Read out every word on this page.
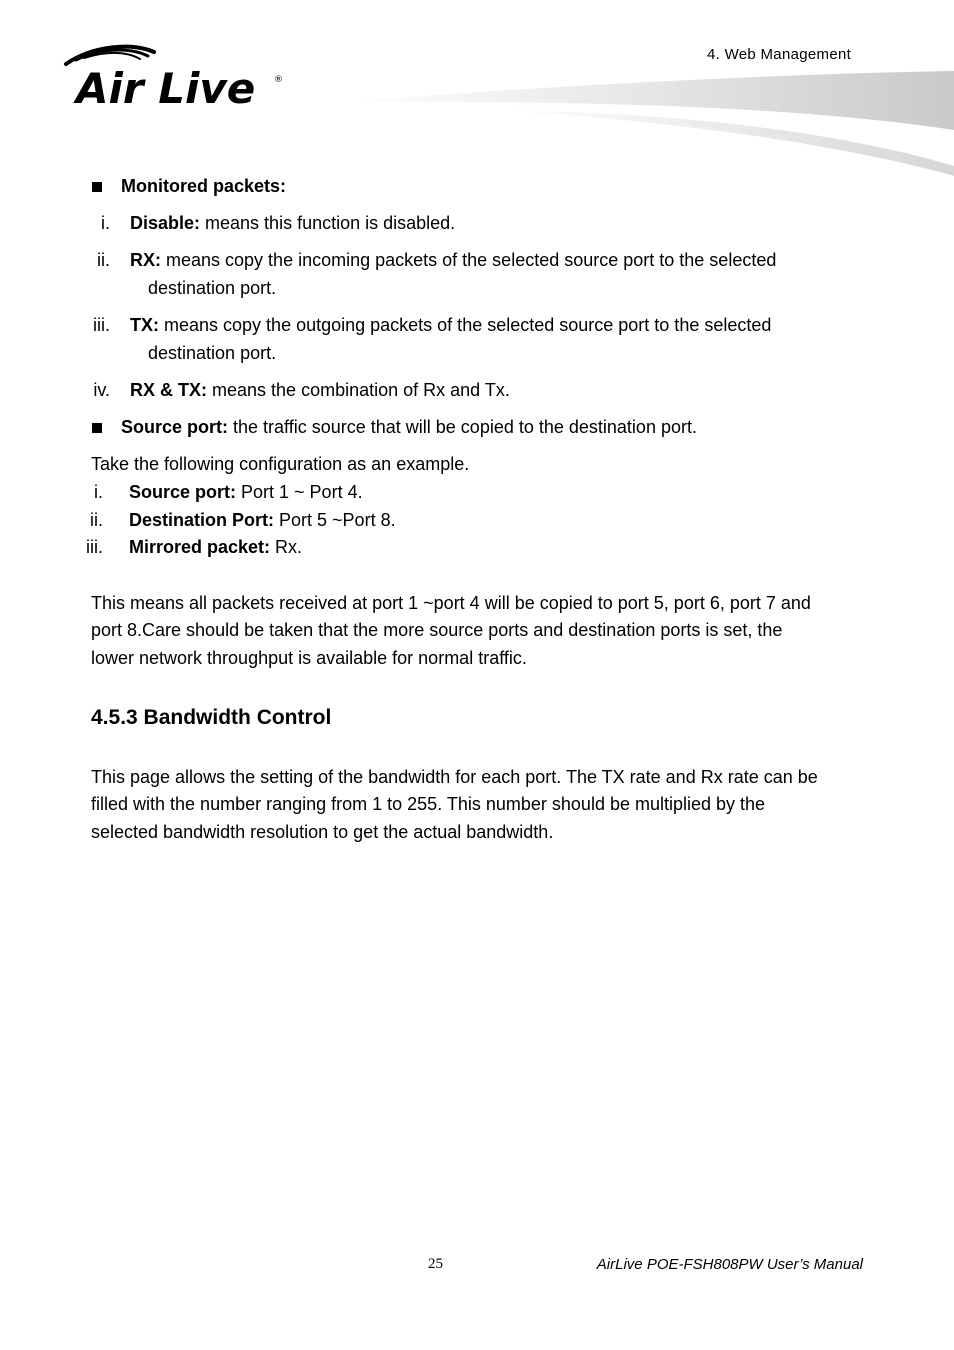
4. Web Management
Air Live ®
Monitored packets:
i. Disable: means this function is disabled.
ii. RX: means copy the incoming packets of the selected source port to the selected
destination port.
iii. TX: means copy the outgoing packets of the selected source port to the selected
destination port.
iv. RX & TX: means the combination of Rx and Tx.
Source port: the traffic source that will be copied to the destination port.
Take the following configuration as an example.
i. Source port: Port 1 ~ Port 4.
ii. Destination Port: Port 5 ~Port 8.
iii. Mirrored packet: Rx.
This means all packets received at port 1 ~port 4 will be copied to port 5, port 6, port 7 and
port 8.Care should be taken that the more source ports and destination ports is set, the
lower network throughput is available for normal traffic.
4.5.3 Bandwidth Control
This page allows the setting of the bandwidth for each port. The TX rate and Rx rate can be
filled with the number ranging from 1 to 255. This number should be multiplied by the
selected bandwidth resolution to get the actual bandwidth.
25	AirLive POE-FSH808PW User’s Manual
